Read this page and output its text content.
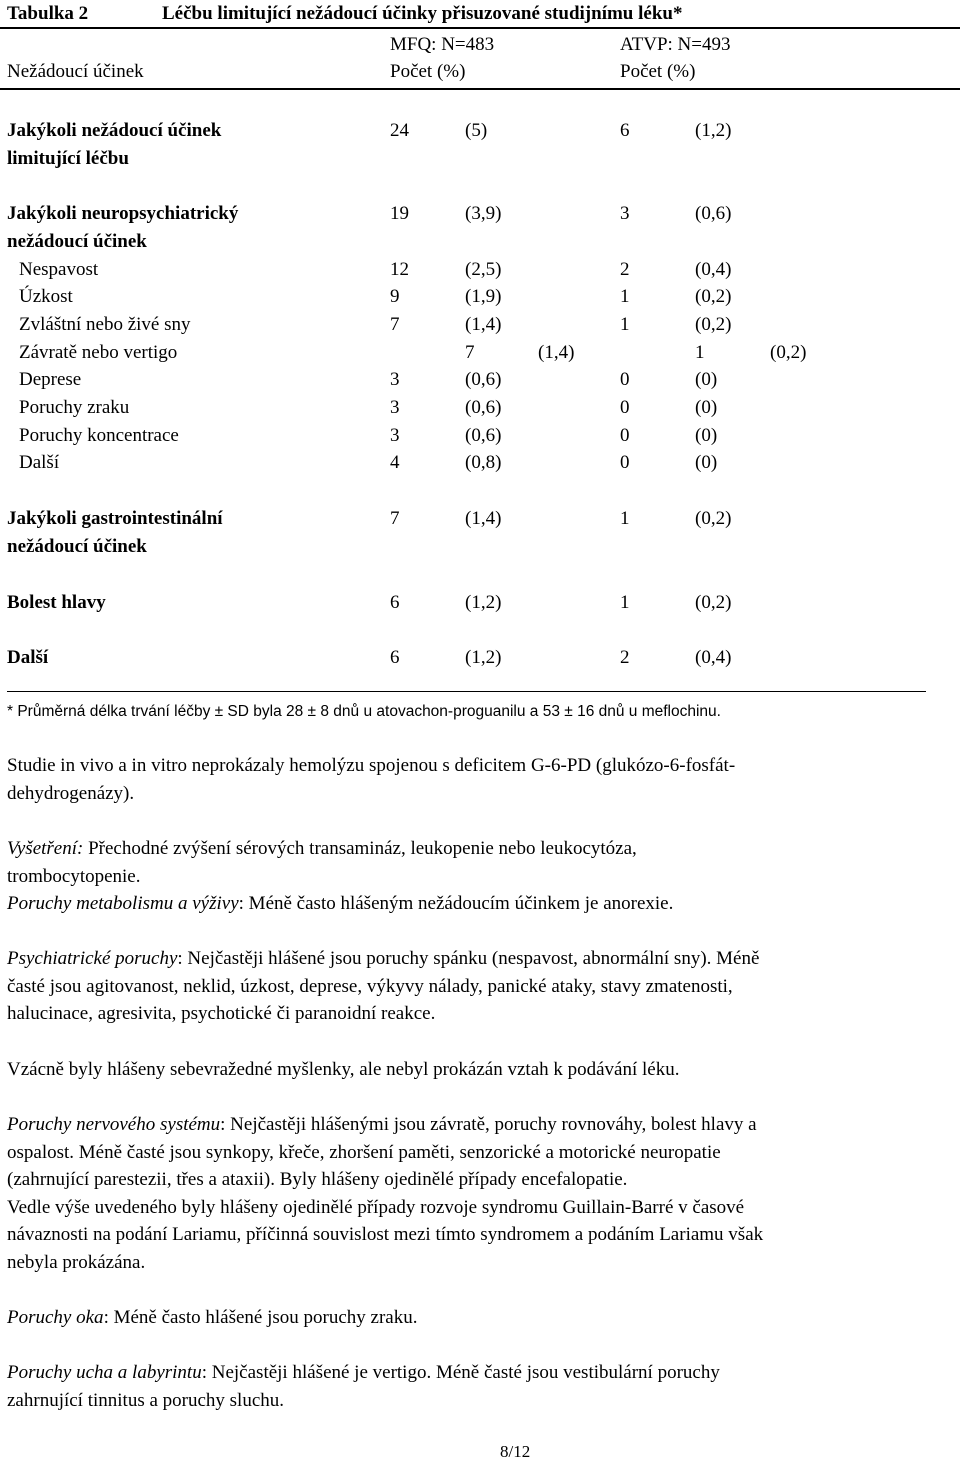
Tabulka 2	Léčbu limitující nežádoucí účinky přisuzované studijnímu léku*
MFQ: N=483	ATVP: N=493
Nežádoucí účinek	Počet (%)	Počet (%)
Jakýkoli nežádoucí účinek
limitující léčbu
24	(5)	6	(1,2)
Jakýkoli neuropsychiatrický
nežádoucí účinek
19	(3,9)	3	(0,6)
Nespavost	12	(2,5)	2	(0,4)
Úzkost	9	(1,9)	1	(0,2)
Zvláštní nebo živé sny	7	(1,4)	1	(0,2)
Závratě nebo vertigo	7	(1,4)	1	(0,2)
Deprese	3	(0,6)	0	(0)
Poruchy zraku	3	(0,6)	0	(0)
Poruchy koncentrace	3	(0,6)	0	(0)
Další	4	(0,8)	0	(0)
Jakýkoli gastrointestinální
nežádoucí účinek
7	(1,4)	1	(0,2)
Bolest hlavy	6	(1,2)	1	(0,2)
Další	6	(1,2)	2	(0,4)
* Průměrná délka trvání léčby ± SD byla 28 ± 8 dnů u atovachon-proguanilu a 53 ± 16 dnů u meflochinu.
Studie in vivo a in vitro neprokázaly hemolýzu spojenou s deficitem G-6-PD (glukózo-6-fosfát-
dehydrogenázy).
Vyšetření: Přechodné zvýšení sérových transamináz, leukopenie nebo leukocytóza,
trombocytopenie.
Poruchy metabolismu a výživy: Méně často hlášeným nežádoucím účinkem je anorexie.
Psychiatrické poruchy: Nejčastěji hlášené jsou poruchy spánku (nespavost, abnormální sny). Méně
časté jsou agitovanost, neklid, úzkost, deprese, výkyvy nálady, panické ataky, stavy zmatenosti,
halucinace, agresivita, psychotické či paranoidní reakce.
Vzácně byly hlášeny sebevražedné myšlenky, ale nebyl prokázán vztah k podávání léku.
Poruchy nervového systému: Nejčastěji hlášenými jsou závratě, poruchy rovnováhy, bolest hlavy a
ospalost. Méně časté jsou synkopy, křeče, zhoršení paměti, senzorické a motorické neuropatie
(zahrnující parestezii, třes a ataxii). Byly hlášeny ojedinělé případy encefalopatie.
Vedle výše uvedeného byly hlášeny ojedinělé případy rozvoje syndromu Guillain-Barré v časové
návaznosti na podání Lariamu, příčinná souvislost mezi tímto syndromem a podáním Lariamu však
nebyla prokázána.
Poruchy oka: Méně často hlášené jsou poruchy zraku.
Poruchy ucha a labyrintu: Nejčastěji hlášené je vertigo. Méně časté jsou vestibulární poruchy
zahrnující tinnitus a poruchy sluchu.
8/12
